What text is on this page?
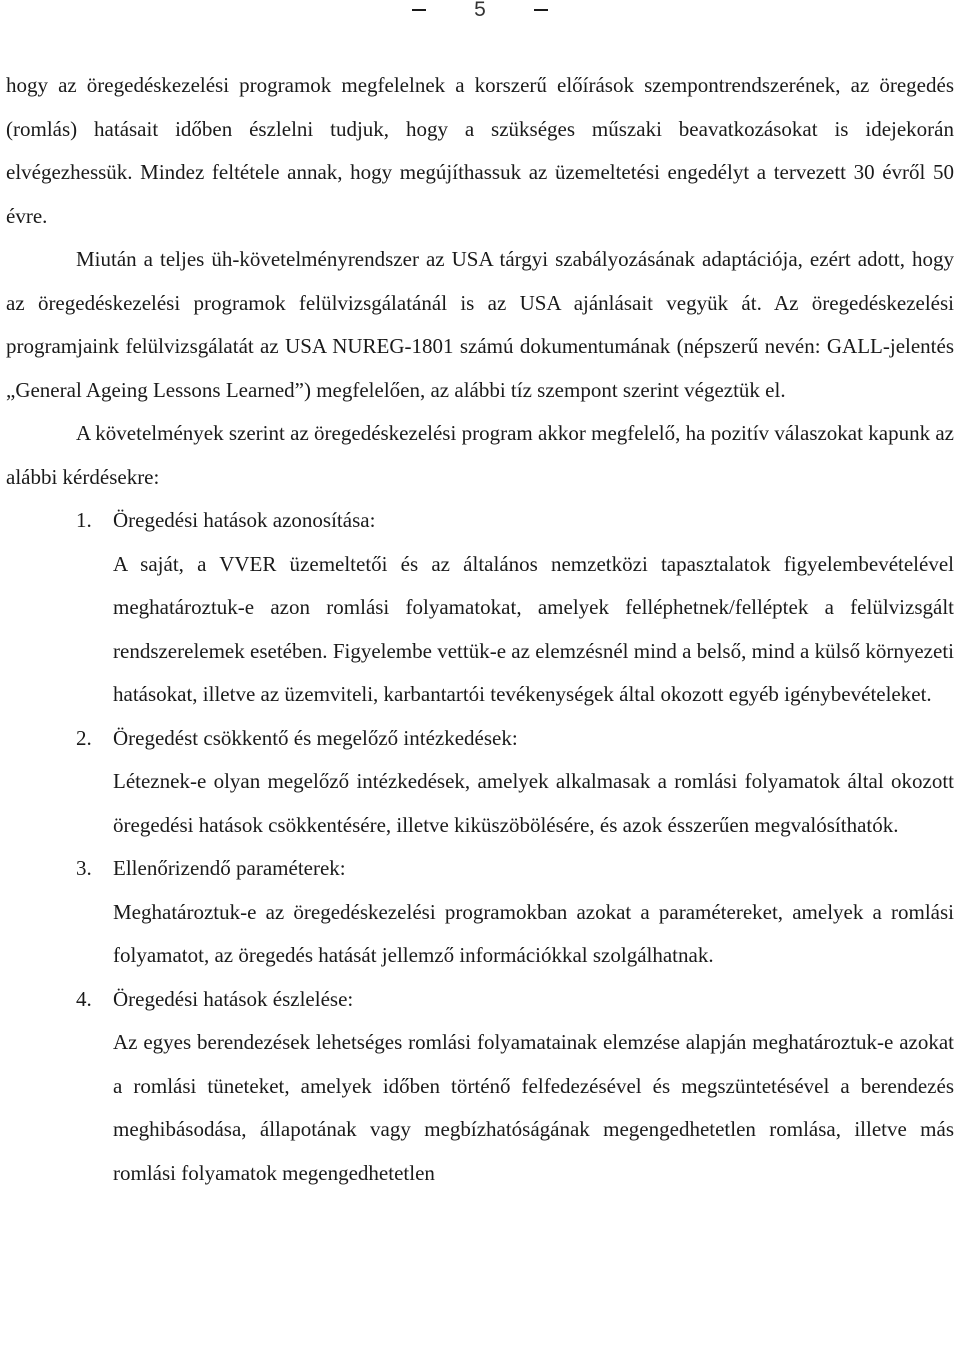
5

hogy az öregedéskezelési programok megfelelnek a korszerű előírások szempontrendszerének, az öregedés (romlás) hatásait időben észlelni tudjuk, hogy a szükséges műszaki beavatkozásokat is idejekorán elvégezhessük. Mindez feltétele annak, hogy megújíthassuk az üzemeltetési engedélyt a tervezett 30 évről 50 évre.

Miután a teljes üh-követelményrendszer az USA tárgyi szabályozásának adaptációja, ezért adott, hogy az öregedéskezelési programok felülvizsgálatánál is az USA ajánlásait vegyük át. Az öregedéskezelési programjaink felülvizsgálatát az USA NUREG-1801 számú dokumentumának (népszerű nevén: GALL-jelentés „General Ageing Lessons Learned”) megfelelően, az alábbi tíz szempont szerint végeztük el.

A követelmények szerint az öregedéskezelési program akkor megfelelő, ha pozitív válaszokat kapunk az alábbi kérdésekre:

1. Öregedési hatások azonosítása:

A saját, a VVER üzemeltetői és az általános nemzetközi tapasztalatok figyelembevételével meghatároztuk-e azon romlási folyamatokat, amelyek felléphetnek/felléptek a felülvizsgált rendszerelemek esetében. Figyelembe vettük-e az elemzésnél mind a belső, mind a külső környezeti hatásokat, illetve az üzemviteli, karbantartói tevékenységek által okozott egyéb igénybevételeket.

2. Öregedést csökkentő és megelőző intézkedések:

Léteznek-e olyan megelőző intézkedések, amelyek alkalmasak a romlási folyamatok által okozott öregedési hatások csökkentésére, illetve kiküszöbölésére, és azok ésszerűen megvalósíthatók.

3. Ellenőrizendő paraméterek:

Meghatároztuk-e az öregedéskezelési programokban azokat a paramétereket, amelyek a romlási folyamatot, az öregedés hatását jellemző információkkal szolgálhatnak.

4. Öregedési hatások észlelése:

Az egyes berendezések lehetséges romlási folyamatainak elemzése alapján meghatároztuk-e azokat a romlási tüneteket, amelyek időben történő felfedezésével és megszüntetésével a berendezés meghibásodása, állapotának vagy megbízhatóságának megengedhetetlen romlása, illetve más romlási folyamatok megengedhetetlen
